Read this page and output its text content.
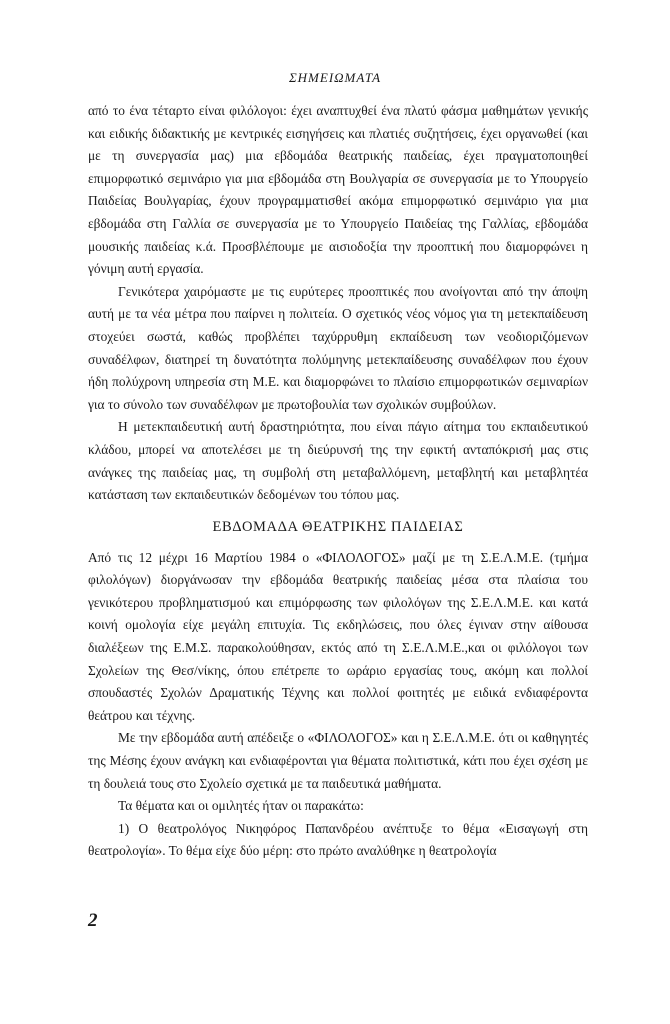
ΣΗΜΕΙΩΜΑΤΑ

από το ένα τέταρτο είναι φιλόλογοι: έχει αναπτυχθεί ένα πλατύ φάσμα μαθημάτων γενικής και ειδικής διδακτικής με κεντρικές εισηγήσεις και πλατιές συζητήσεις, έχει οργανωθεί (και με τη συνεργασία μας) μια εβδομάδα θεατρικής παιδείας, έχει πραγματοποιηθεί επιμορφωτικό σεμινάριο για μια εβδομάδα στη Βουλγαρία σε συνεργασία με το Υπουργείο Παιδείας Βουλγαρίας, έχουν προγραμματισθεί ακόμα επιμορφωτικό σεμινάριο για μια εβδομάδα στη Γαλλία σε συνεργασία με το Υπουργείο Παιδείας της Γαλλίας, εβδομάδα μουσικής παιδείας κ.ά. Προσβλέπουμε με αισιοδοξία την προοπτική που διαμορφώνει η γόνιμη αυτή εργασία.

Γενικότερα χαιρόμαστε με τις ευρύτερες προοπτικές που ανοίγονται από την άποψη αυτή με τα νέα μέτρα που παίρνει η πολιτεία. Ο σχετικός νέος νόμος για τη μετεκπαίδευση στοχεύει σωστά, καθώς προβλέπει ταχύρρυθμη εκπαίδευση των νεοδιοριζόμενων συναδέλφων, διατηρεί τη δυνατότητα πολύμηνης μετεκπαίδευσης συναδέλφων που έχουν ήδη πολύχρονη υπηρεσία στη Μ.Ε. και διαμορφώνει το πλαίσιο επιμορφωτικών σεμιναρίων για το σύνολο των συναδέλφων με πρωτοβουλία των σχολικών συμβούλων.

Η μετεκπαιδευτική αυτή δραστηριότητα, που είναι πάγιο αίτημα του εκπαιδευτικού κλάδου, μπορεί να αποτελέσει με τη διεύρυνσή της την εφικτή ανταπόκρισή μας στις ανάγκες της παιδείας μας, τη συμβολή στη μεταβαλλόμενη, μεταβλητή και μεταβλητέα κατάσταση των εκπαιδευτικών δεδομένων του τόπου μας.

ΕΒΔΟΜΑΔΑ ΘΕΑΤΡΙΚΗΣ ΠΑΙΔΕΙΑΣ

Από τις 12 μέχρι 16 Μαρτίου 1984 ο «ΦΙΛΟΛΟΓΟΣ» μαζί με τη Σ.Ε.Λ.Μ.Ε. (τμήμα φιλολόγων) διοργάνωσαν την εβδομάδα θεατρικής παιδείας μέσα στα πλαίσια του γενικότερου προβληματισμού και επιμόρφωσης των φιλολόγων της Σ.Ε.Λ.Μ.Ε. και κατά κοινή ομολογία είχε μεγάλη επιτυχία. Τις εκδηλώσεις, που όλες έγιναν στην αίθουσα διαλέξεων της Ε.Μ.Σ. παρακολούθησαν, εκτός από τη Σ.Ε.Λ.Μ.Ε.,και οι φιλόλογοι των Σχολείων της Θεσ/νίκης, όπου επέτρεπε το ωράριο εργασίας τους, ακόμη και πολλοί σπουδαστές Σχολών Δραματικής Τέχνης και πολλοί φοιτητές με ειδικά ενδιαφέροντα θεάτρου και τέχνης.

Με την εβδομάδα αυτή απέδειξε ο «ΦΙΛΟΛΟΓΟΣ» και η Σ.Ε.Λ.Μ.Ε. ότι οι καθηγητές της Μέσης έχουν ανάγκη και ενδιαφέρονται για θέματα πολιτιστικά, κάτι που έχει σχέση με τη δουλειά τους στο Σχολείο σχετικά με τα παιδευτικά μαθήματα.

Τα θέματα και οι ομιλητές ήταν οι παρακάτω:

1) Ο θεατρολόγος Νικηφόρος Παπανδρέου ανέπτυξε το θέμα «Εισαγωγή στη θεατρολογία». Το θέμα είχε δύο μέρη: στο πρώτο αναλύθηκε η θεατρολογία

2
